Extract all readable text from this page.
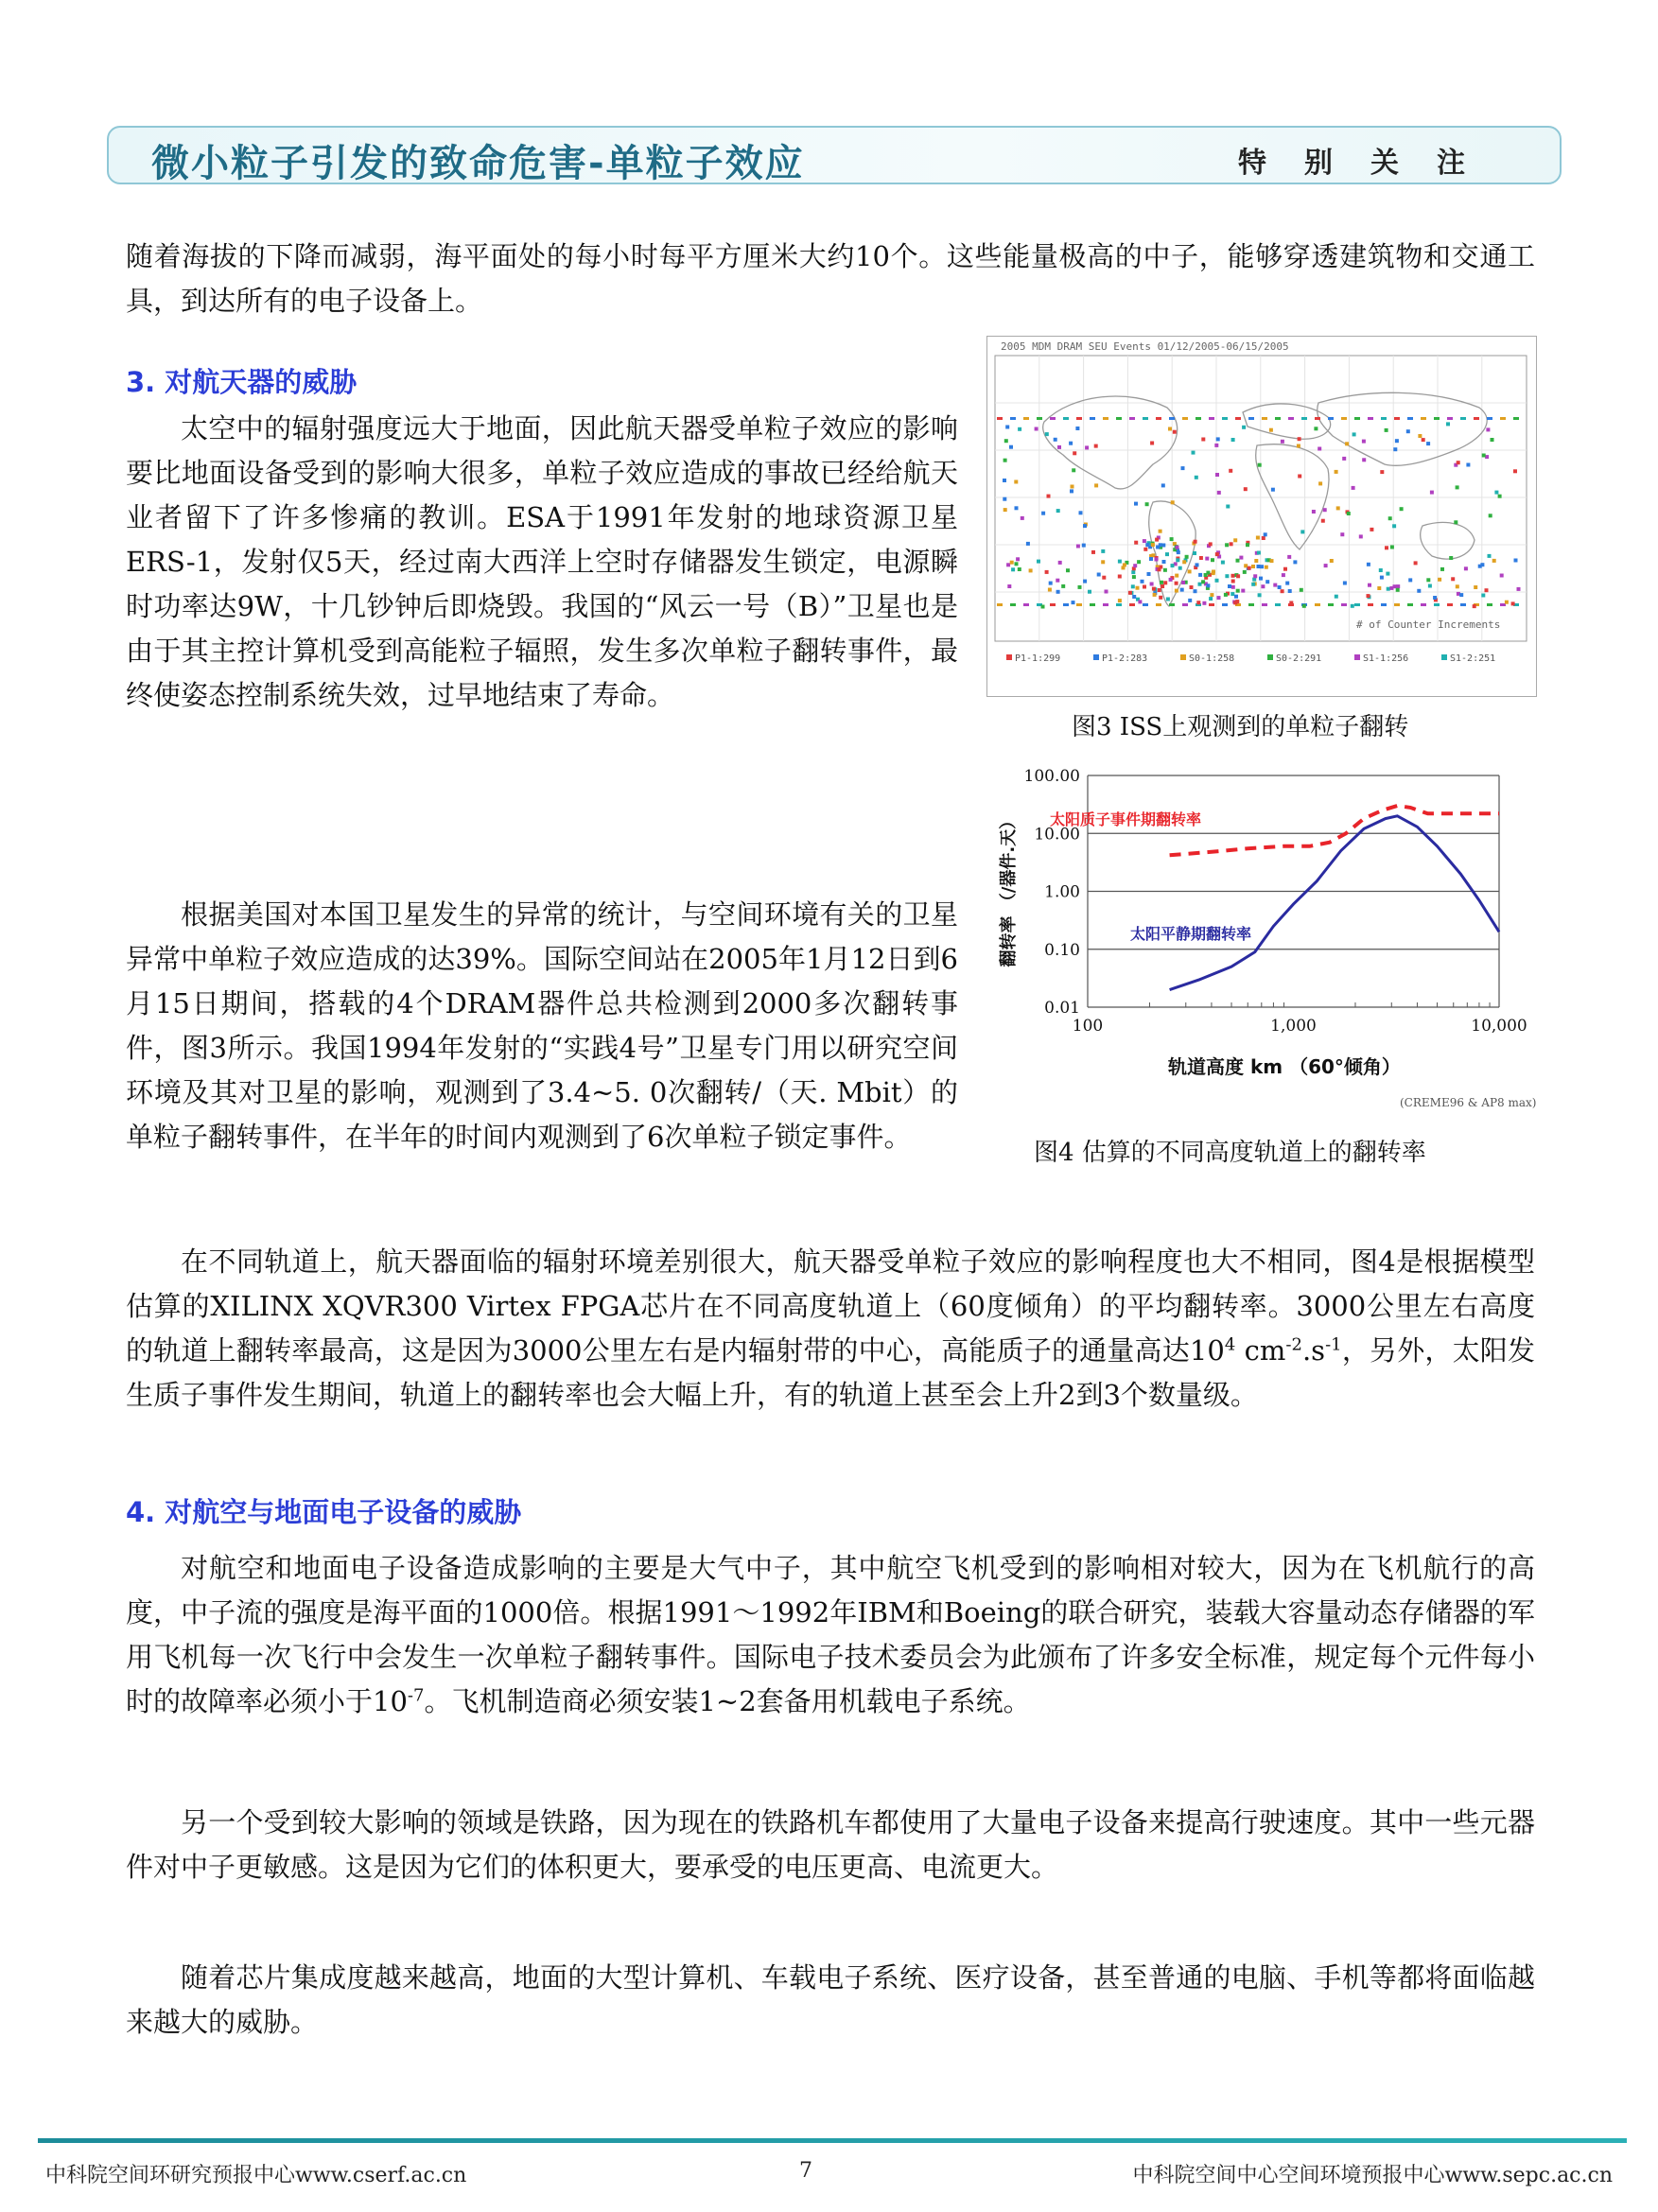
微小粒子引发的致命危害-单粒子效应	特别关注

随着海拔的下降而减弱，海平面处的每小时每平方厘米大约10个。这些能量极高的中子，能够穿透建筑物和交通工具，到达所有的电子设备上。

3. 对航天器的威胁

太空中的辐射强度远大于地面，因此航天器受单粒子效应的影响要比地面设备受到的影响大很多，单粒子效应造成的事故已经给航天业者留下了许多惨痛的教训。ESA于1991年发射的地球资源卫星ERS-1，发射仅5天，经过南大西洋上空时存储器发生锁定，电源瞬时功率达9W，十几钞钟后即烧毁。我国的“风云一号（B）”卫星也是由于其主控计算机受到高能粒子辐照，发生多次单粒子翻转事件，最终使姿态控制系统失效，过早地结束了寿命。

根据美国对本国卫星发生的异常的统计，与空间环境有关的卫星异常中单粒子效应造成的达39%。国际空间站在2005年1月12日到6月15日期间，搭载的4个DRAM器件总共检测到2000多次翻转事件，图3所示。我国1994年发射的“实践4号”卫星专门用以研究空间环境及其对卫星的影响，观测到了3.4~5. 0次翻转/（天. Mbit）的单粒子翻转事件，在半年的时间内观测到了6次单粒子锁定事件。

在不同轨道上，航天器面临的辐射环境差别很大，航天器受单粒子效应的影响程度也大不相同，图4是根据模型估算的XILINX XQVR300 Virtex FPGA芯片在不同高度轨道上（60度倾角）的平均翻转率。3000公里左右高度的轨道上翻转率最高，这是因为3000公里左右是内辐射带的中心，高能质子的通量高达$10^4$ $cm^{-2}.s^{-1}$，另外，太阳发生质子事件发生期间，轨道上的翻转率也会大幅上升，有的轨道上甚至会上升2到3个数量级。

4. 对航空与地面电子设备的威胁

对航空和地面电子设备造成影响的主要是大气中子，其中航空飞机受到的影响相对较大，因为在飞机航行的高度，中子流的强度是海平面的1000倍。根据1991～1992年IBM和Boeing的联合研究，装载大容量动态存储器的军用飞机每一次飞行中会发生一次单粒子翻转事件。国际电子技术委员会为此颁布了许多安全标准，规定每个元件每小时的故障率必须小于$10^{-7}$。飞机制造商必须安装1~2套备用机载电子系统。

另一个受到较大影响的领域是铁路，因为现在的铁路机车都使用了大量电子设备来提高行驶速度。其中一些元器件对中子更敏感。这是因为它们的体积更大，要承受的电压更高、电流更大。

随着芯片集成度越来越高，地面的大型计算机、车载电子系统、医疗设备，甚至普通的电脑、手机等都将面临越来越大的威胁。

2005 MDM DRAM SEU Events 01/12/2005-06/15/2005
# of Counter Increments
P1-1:299	P1-2:283	S0-1:258	S0-2:291	S1-1:256	S1-2:251
图3 ISS上观测到的单粒子翻转
100.00
10.00
1.00
0.10
0.01
100	1,000	10,000
太阳质子事件期翻转率
太阳平静期翻转率
翻转率 （/器件.天）
轨道高度 km （60°倾角）
(CREME96 & AP8 max)
图4 估算的不同高度轨道上的翻转率
中科院空间环研究预报中心www.cserf.ac.cn	7	中科院空间中心空间环境预报中心www.sepc.ac.cn
